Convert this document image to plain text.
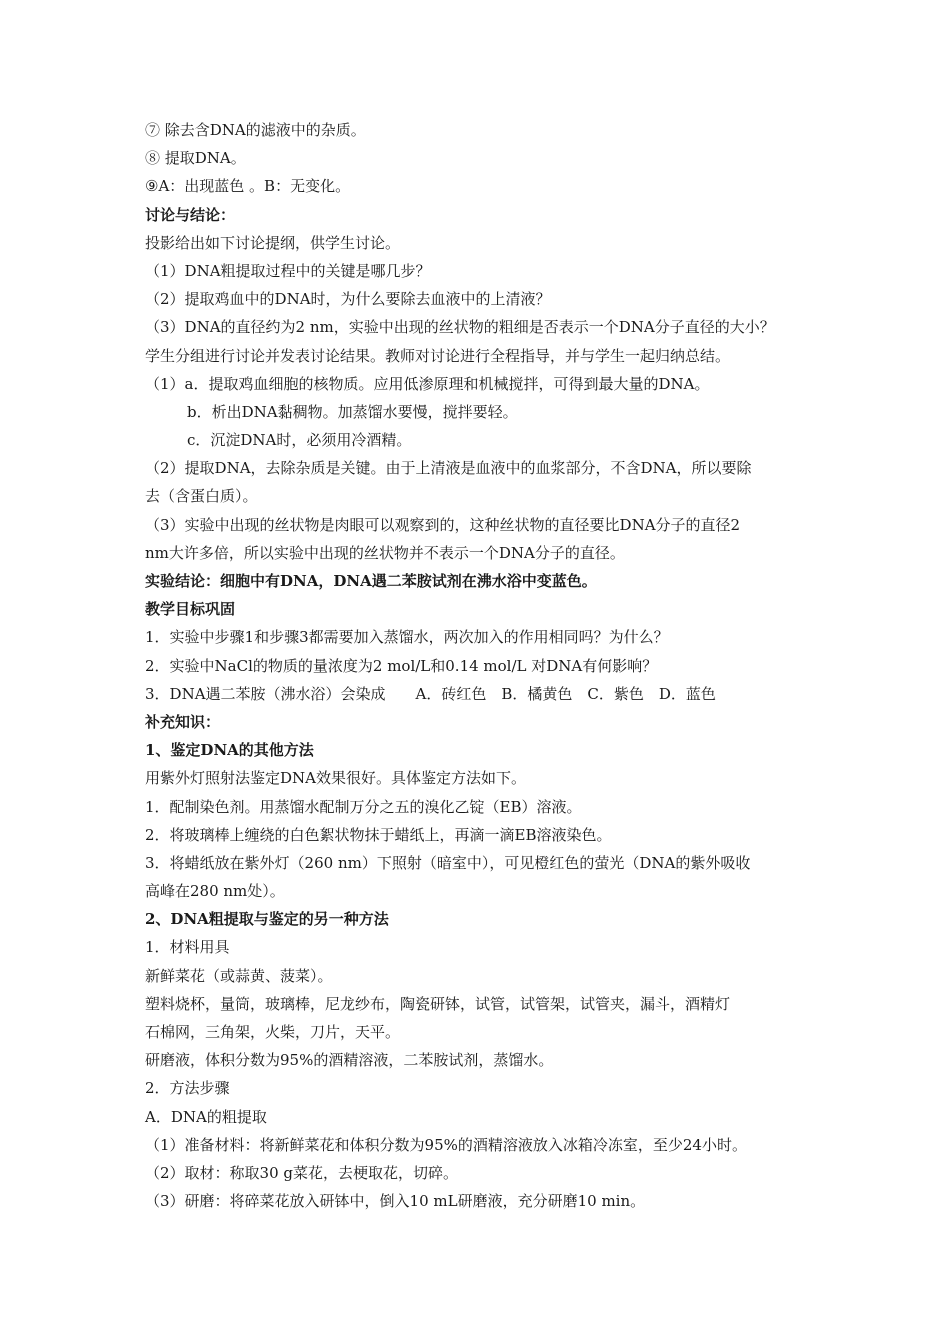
⑦ 除去含DNA的滤液中的杂质。
⑧ 提取DNA。
⑨A：出现蓝色 。B：无变化。
讨论与结论：
投影给出如下讨论提纲，供学生讨论。
（1）DNA粗提取过程中的关键是哪几步？
（2）提取鸡血中的DNA时，为什么要除去血液中的上清液？
（3）DNA的直径约为2 nm，实验中出现的丝状物的粗细是否表示一个DNA分子直径的大小？
学生分组进行讨论并发表讨论结果。教师对讨论进行全程指导，并与学生一起归纳总结。
（1）a．提取鸡血细胞的核物质。应用低渗原理和机械搅拌，可得到最大量的DNA。
b．析出DNA黏稠物。加蒸馏水要慢，搅拌要轻。
c．沉淀DNA时，必须用冷酒精。
（2）提取DNA，去除杂质是关键。由于上清液是血液中的血浆部分，不含DNA，所以要除
去（含蛋白质）。
（3）实验中出现的丝状物是肉眼可以观察到的，这种丝状物的直径要比DNA分子的直径2
nm大许多倍，所以实验中出现的丝状物并不表示一个DNA分子的直径。
实验结论：细胞中有DNA，DNA遇二苯胺试剂在沸水浴中变蓝色。
教学目标巩固
1．实验中步骤1和步骤3都需要加入蒸馏水，两次加入的作用相同吗？为什么？
2．实验中NaCl的物质的量浓度为2 mol/L和0.14 mol/L 对DNA有何影响？
3．DNA遇二苯胺（沸水浴）会染成　　A．砖红色　B．橘黄色　C．紫色　D．蓝色
补充知识：
1、鉴定DNA的其他方法
用紫外灯照射法鉴定DNA效果很好。具体鉴定方法如下。
1．配制染色剂。用蒸馏水配制万分之五的溴化乙锭（EB）溶液。
2．将玻璃棒上缠绕的白色絮状物抹于蜡纸上，再滴一滴EB溶液染色。
3．将蜡纸放在紫外灯（260 nm）下照射（暗室中），可见橙红色的萤光（DNA的紫外吸收
高峰在280 nm处）。
2、DNA粗提取与鉴定的另一种方法
1．材料用具
新鲜菜花（或蒜黄、菠菜）。
塑料烧杯，量筒，玻璃棒，尼龙纱布，陶瓷研钵，试管，试管架，试管夹，漏斗，酒精灯
石棉网，三角架，火柴，刀片，天平。
研磨液，体积分数为95%的酒精溶液，二苯胺试剂，蒸馏水。
2．方法步骤
A．DNA的粗提取
（1）准备材料：将新鲜菜花和体积分数为95%的酒精溶液放入冰箱冷冻室，至少24小时。
（2）取材：称取30 g菜花，去梗取花，切碎。
（3）研磨：将碎菜花放入研钵中，倒入10 mL研磨液，充分研磨10 min。
